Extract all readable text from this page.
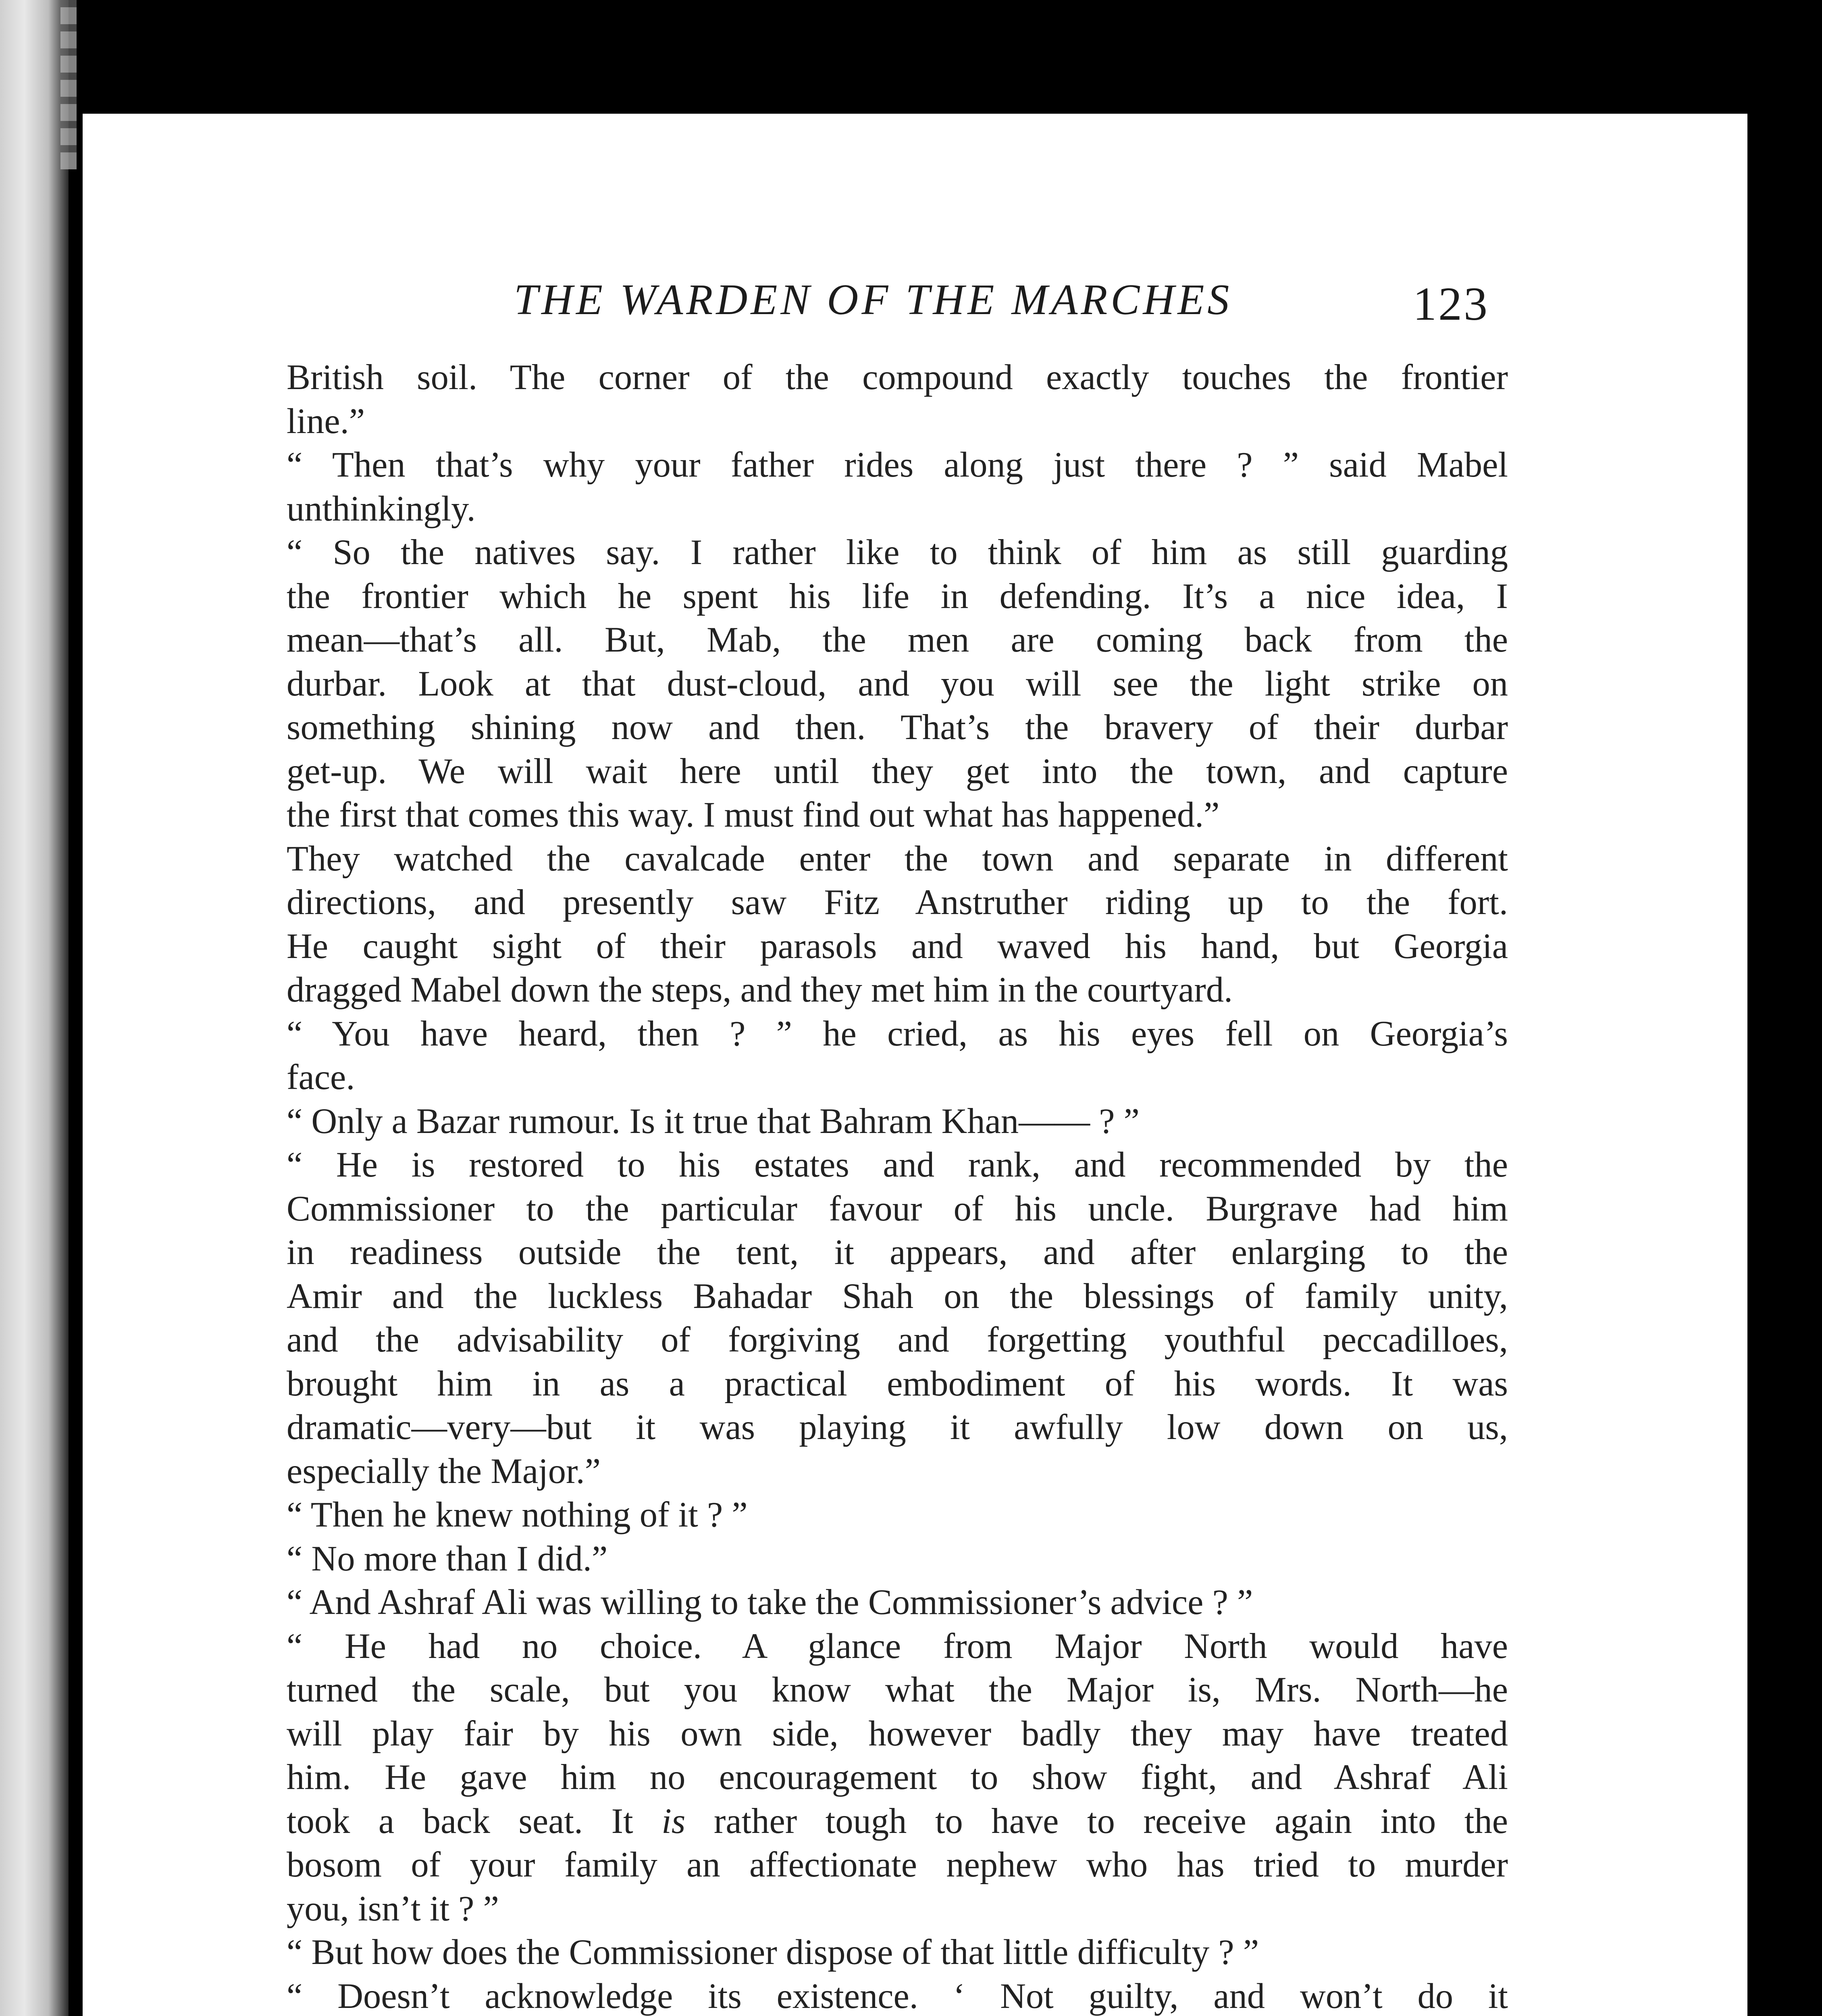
THE WARDEN OF THE MARCHES	123
British soil. The corner of the compound exactly touches the frontier
line.”
“ Then that’s why your father rides along just there ? ” said Mabel
unthinkingly.
“ So the natives say. I rather like to think of him as still guarding
the frontier which he spent his life in defending. It’s a nice idea, I
mean—that’s all. But, Mab, the men are coming back from the
durbar. Look at that dust-cloud, and you will see the light strike on
something shining now and then. That’s the bravery of their durbar
get-up. We will wait here until they get into the town, and capture
the first that comes this way. I must find out what has happened.”
They watched the cavalcade enter the town and separate in different
directions, and presently saw Fitz Anstruther riding up to the fort.
He caught sight of their parasols and waved his hand, but Georgia
dragged Mabel down the steps, and they met him in the courtyard.
“ You have heard, then ? ” he cried, as his eyes fell on Georgia’s
face.
“ Only a Bazar rumour. Is it true that Bahram Khan—— ? ”
“ He is restored to his estates and rank, and recommended by the
Commissioner to the particular favour of his uncle. Burgrave had him
in readiness outside the tent, it appears, and after enlarging to the
Amir and the luckless Bahadar Shah on the blessings of family unity,
and the advisability of forgiving and forgetting youthful peccadilloes,
brought him in as a practical embodiment of his words. It was
dramatic—very—but it was playing it awfully low down on us,
especially the Major.”
“ Then he knew nothing of it ? ”
“ No more than I did.”
“ And Ashraf Ali was willing to take the Commissioner’s advice ? ”
“ He had no choice. A glance from Major North would have
turned the scale, but you know what the Major is, Mrs. North—he
will play fair by his own side, however badly they may have treated
him. He gave him no encouragement to show fight, and Ashraf Ali
took a back seat. It is rather tough to have to receive again into the
bosom of your family an affectionate nephew who has tried to murder
you, isn’t it ? ”
“ But how does the Commissioner dispose of that little difficulty ? ”
“ Doesn’t acknowledge its existence. ‘ Not guilty, and won’t do it
